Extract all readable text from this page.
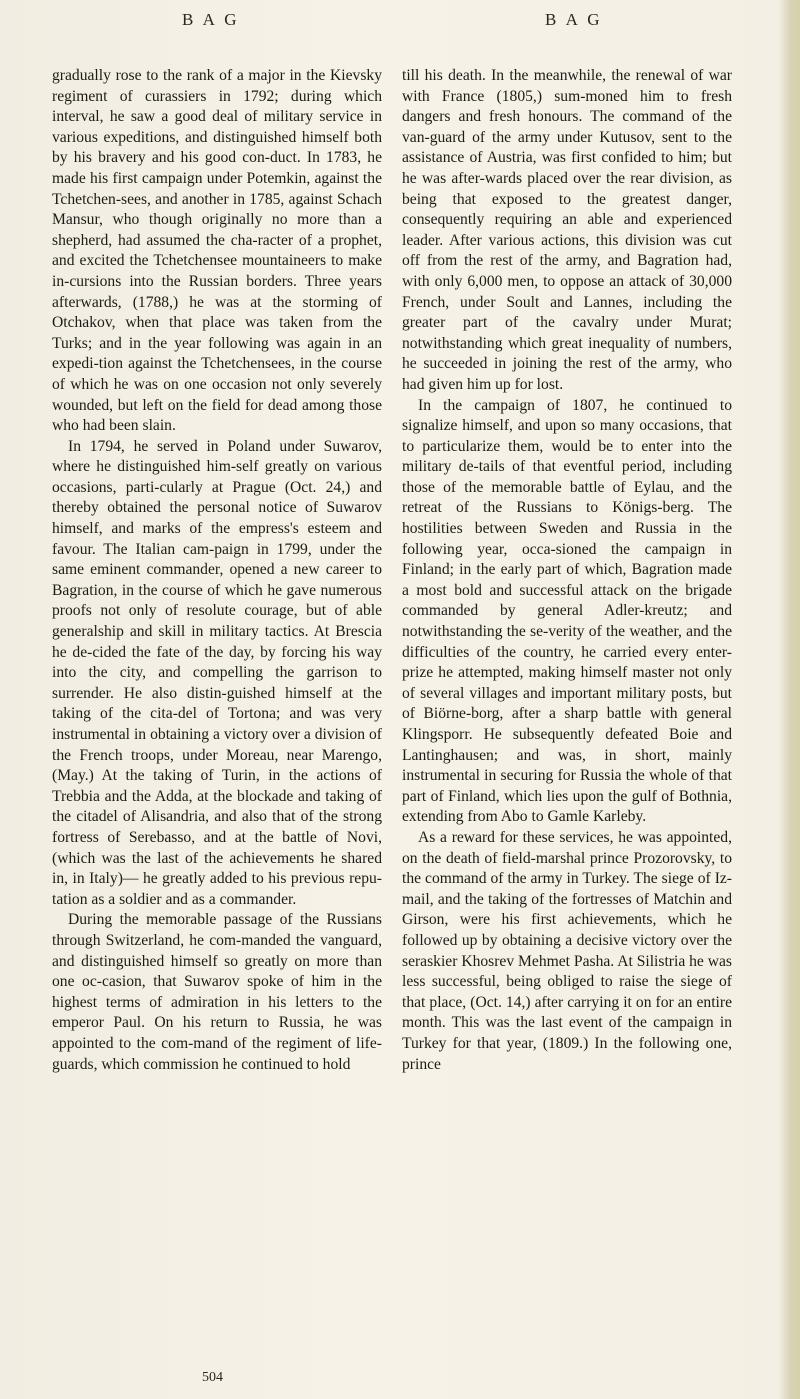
B A G	B A G

gradually rose to the rank of a major in the Kievsky regiment of curassiers in 1792; during which interval, he saw a good deal of military service in various expeditions, and distinguished himself both by his bravery and his good con-duct. In 1783, he made his first campaign under Potemkin, against the Tchetchen-sees, and another in 1785, against Schach Mansur, who though originally no more than a shepherd, had assumed the cha-racter of a prophet, and excited the Tchetchensee mountaineers to make in-cursions into the Russian borders. Three years afterwards, (1788,) he was at the storming of Otchakov, when that place was taken from the Turks; and in the year following was again in an expedi-tion against the Tchetchensees, in the course of which he was on one occasion not only severely wounded, but left on the field for dead among those who had been slain.

In 1794, he served in Poland under Suwarov, where he distinguished him-self greatly on various occasions, parti-cularly at Prague (Oct. 24,) and thereby obtained the personal notice of Suwarov himself, and marks of the empress's esteem and favour. The Italian cam-paign in 1799, under the same eminent commander, opened a new career to Bagration, in the course of which he gave numerous proofs not only of resolute courage, but of able generalship and skill in military tactics. At Brescia he de-cided the fate of the day, by forcing his way into the city, and compelling the garrison to surrender. He also distin-guished himself at the taking of the cita-del of Tortona; and was very instrumental in obtaining a victory over a division of the French troops, under Moreau, near Marengo, (May.) At the taking of Turin, in the actions of Trebbia and the Adda, at the blockade and taking of the citadel of Alisandria, and also that of the strong fortress of Serebasso, and at the battle of Novi, (which was the last of the achievements he shared in, in Italy)— he greatly added to his previous repu-tation as a soldier and as a commander.

During the memorable passage of the Russians through Switzerland, he com-manded the vanguard, and distinguished himself so greatly on more than one oc-casion, that Suwarov spoke of him in the highest terms of admiration in his letters to the emperor Paul. On his return to Russia, he was appointed to the com-mand of the regiment of life-guards, which commission he continued to hold

till his death. In the meanwhile, the renewal of war with France (1805,) sum-moned him to fresh dangers and fresh honours. The command of the van-guard of the army under Kutusov, sent to the assistance of Austria, was first confided to him; but he was after-wards placed over the rear division, as being that exposed to the greatest danger, consequently requiring an able and experienced leader. After various actions, this division was cut off from the rest of the army, and Bagration had, with only 6,000 men, to oppose an attack of 30,000 French, under Soult and Lannes, including the greater part of the cavalry under Murat; notwithstanding which great inequality of numbers, he succeeded in joining the rest of the army, who had given him up for lost.

In the campaign of 1807, he continued to signalize himself, and upon so many occasions, that to particularize them, would be to enter into the military de-tails of that eventful period, including those of the memorable battle of Eylau, and the retreat of the Russians to Königs-berg. The hostilities between Sweden and Russia in the following year, occa-sioned the campaign in Finland; in the early part of which, Bagration made a most bold and successful attack on the brigade commanded by general Adler-kreutz; and notwithstanding the se-verity of the weather, and the difficulties of the country, he carried every enter-prize he attempted, making himself master not only of several villages and important military posts, but of Biörne-borg, after a sharp battle with general Klingsporr. He subsequently defeated Boie and Lantinghausen; and was, in short, mainly instrumental in securing for Russia the whole of that part of Finland, which lies upon the gulf of Bothnia, extending from Abo to Gamle Karleby.

As a reward for these services, he was appointed, on the death of field-marshal prince Prozorovsky, to the command of the army in Turkey. The siege of Iz-mail, and the taking of the fortresses of Matchin and Girson, were his first achievements, which he followed up by obtaining a decisive victory over the seraskier Khosrev Mehmet Pasha. At Silistria he was less successful, being obliged to raise the siege of that place, (Oct. 14,) after carrying it on for an entire month. This was the last event of the campaign in Turkey for that year, (1809.) In the following one, prince

504
